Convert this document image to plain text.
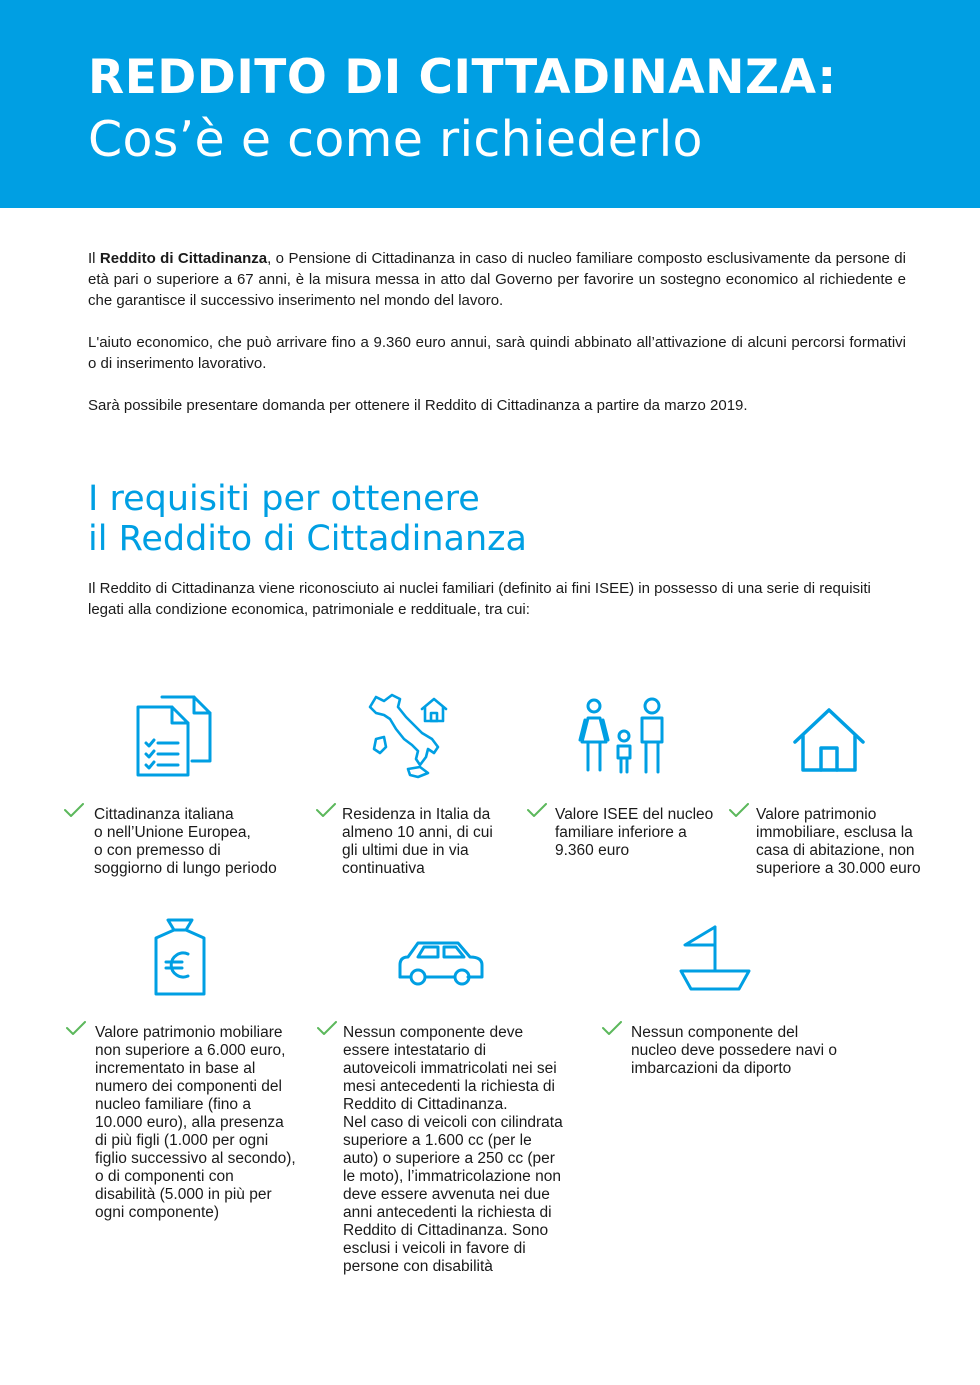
REDDITO DI CITTADINANZA:
Cos’è e come richiederlo

Il Reddito di Cittadinanza, o Pensione di Cittadinanza in caso di nucleo familiare composto esclusivamente da persone di età pari o superiore a 67 anni, è la misura messa in atto dal Governo per favorire un sostegno economico al richiedente e che garantisce il successivo inserimento nel mondo del lavoro.

L'aiuto economico, che può arrivare fino a 9.360 euro annui, sarà quindi abbinato all’attivazione di alcuni percorsi formativi o di inserimento lavorativo.

Sarà possibile presentare domanda per ottenere il Reddito di Cittadinanza a partire da marzo 2019.

I requisiti per ottenere
il Reddito di Cittadinanza

Il Reddito di Cittadinanza viene riconosciuto ai nuclei familiari (definito ai fini ISEE) in possesso di una serie di requisiti legati alla condizione economica, patrimoniale e reddituale, tra cui:

Cittadinanza italiana
o nell’Unione Europea,
o con premesso di
soggiorno di lungo periodo

Residenza in Italia da
almeno 10 anni, di cui
gli ultimi due in via
continuativa

Valore ISEE del nucleo
familiare inferiore a
9.360 euro

Valore patrimonio
immobiliare, esclusa la
casa di abitazione, non
superiore a 30.000 euro

Valore patrimonio mobiliare
non superiore a 6.000 euro,
incrementato in base al
numero dei componenti del
nucleo familiare (fino a
10.000 euro), alla presenza
di più figli (1.000 per ogni
figlio successivo al secondo),
o di componenti con
disabilità (5.000 in più per
ogni componente)

Nessun componente deve
essere intestatario di
autoveicoli immatricolati nei sei
mesi antecedenti la richiesta di
Reddito di Cittadinanza.
Nel caso di veicoli con cilindrata
superiore a 1.600 cc (per le
auto) o superiore a 250 cc (per
le moto), l’immatricolazione non
deve essere avvenuta nei due
anni antecedenti la richiesta di
Reddito di Cittadinanza. Sono
esclusi i veicoli in favore di
persone con disabilità

Nessun componente del
nucleo deve possedere navi o
imbarcazioni da diporto
